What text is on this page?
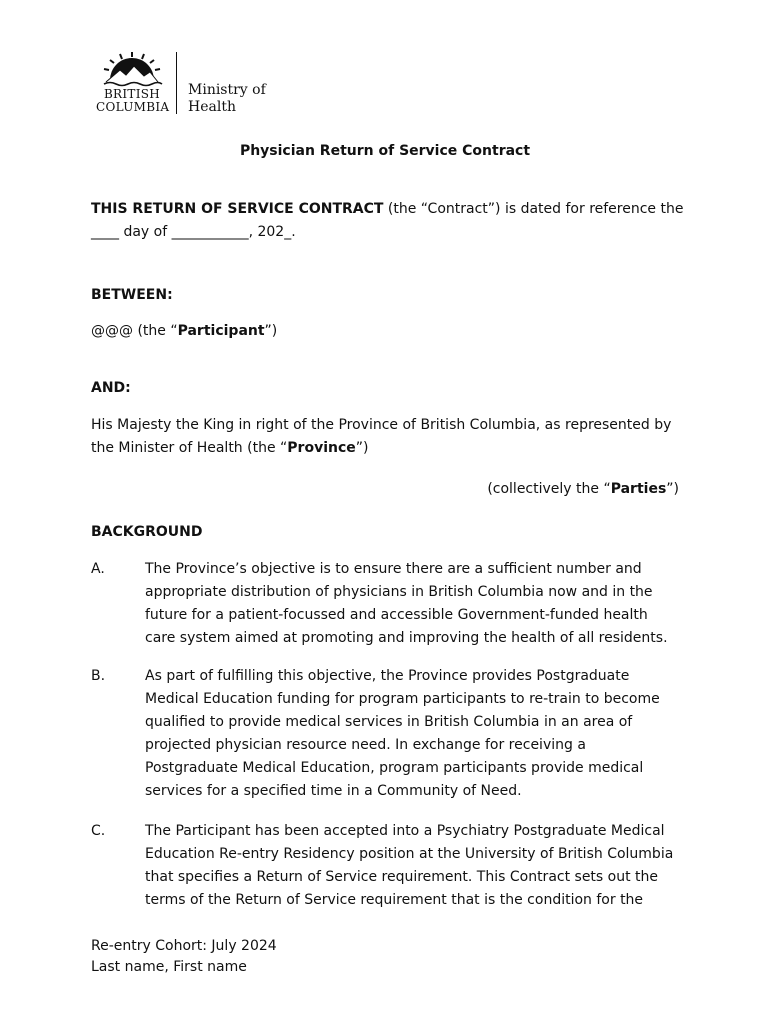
BRITISH
COLUMBIA
Ministry of
Health
Physician Return of Service Contract
THIS RETURN OF SERVICE CONTRACT (the “Contract”) is dated for reference the
____ day of ___________, 202_.
BETWEEN:
@@@ (the “Participant”)
AND:
His Majesty the King in right of the Province of British Columbia, as represented by
the Minister of Health (the “Province”)
(collectively the “Parties”)
BACKGROUND
A.	The Province’s objective is to ensure there are a sufficient number and
appropriate distribution of physicians in British Columbia now and in the
future for a patient-focussed and accessible Government-funded health
care system aimed at promoting and improving the health of all residents.
B.	As part of fulfilling this objective, the Province provides Postgraduate
Medical Education funding for program participants to re-train to become
qualified to provide medical services in British Columbia in an area of
projected physician resource need. In exchange for receiving a
Postgraduate Medical Education, program participants provide medical
services for a specified time in a Community of Need.
C.	The Participant has been accepted into a Psychiatry Postgraduate Medical
Education Re-entry Residency position at the University of British Columbia
that specifies a Return of Service requirement. This Contract sets out the
terms of the Return of Service requirement that is the condition for the
Re-entry Cohort: July 2024
Last name, First name
